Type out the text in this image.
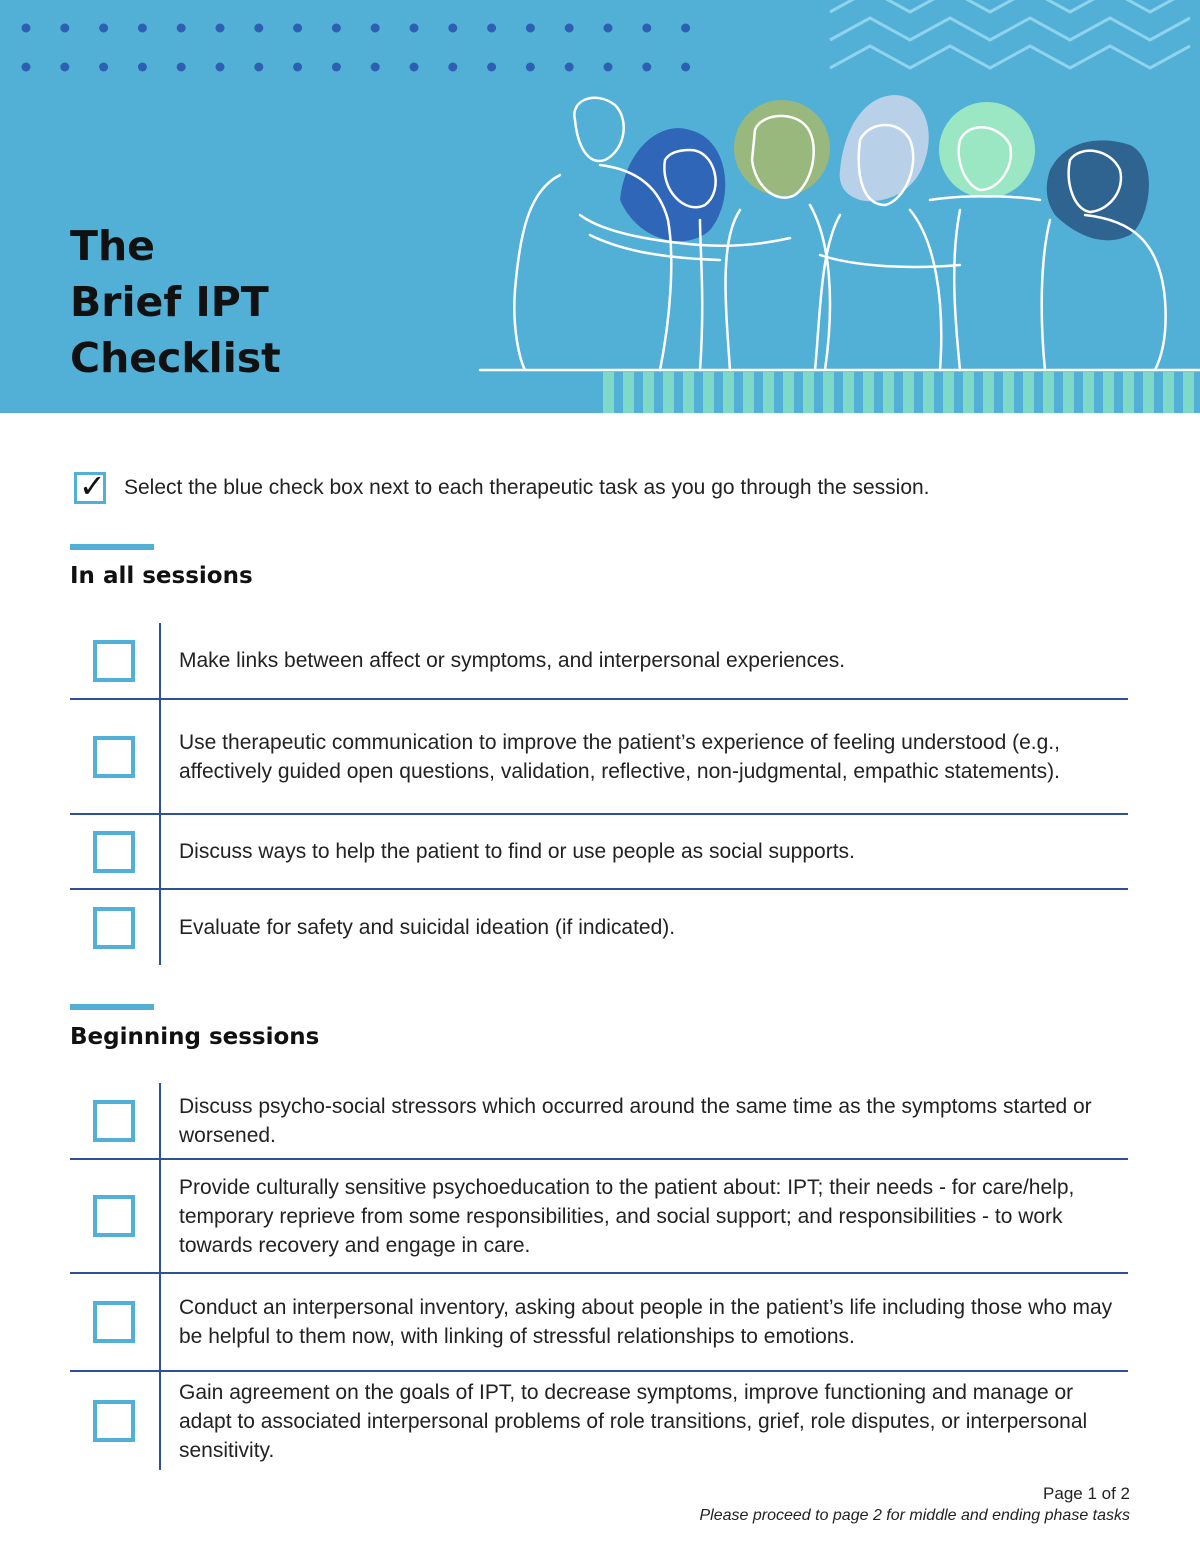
The
Brief IPT
Checklist
✓
Select the blue check box next to each therapeutic task as you go through the session.
In all sessions
Make links between affect or symptoms, and interpersonal experiences.
Use therapeutic communication to improve the patient’s experience of feeling understood (e.g., affectively guided open questions, validation, reflective, non-judgmental, empathic statements).
Discuss ways to help the patient to find or use people as social supports.
Evaluate for safety and suicidal ideation (if indicated).
Beginning sessions
Discuss psycho-social stressors which occurred around the same time as the symptoms started or worsened.
Provide culturally sensitive psychoeducation to the patient about: IPT; their needs - for care/help, temporary reprieve from some responsibilities, and social support; and responsibilities - to work towards recovery and engage in care.
Conduct an interpersonal inventory, asking about people in the patient’s life including those who may be helpful to them now, with linking of stressful relationships to emotions.
Gain agreement on the goals of IPT, to decrease symptoms, improve functioning and manage or adapt to associated interpersonal problems of role transitions, grief, role disputes, or interpersonal sensitivity.
Page 1 of 2
Please proceed to page 2 for middle and ending phase tasks
